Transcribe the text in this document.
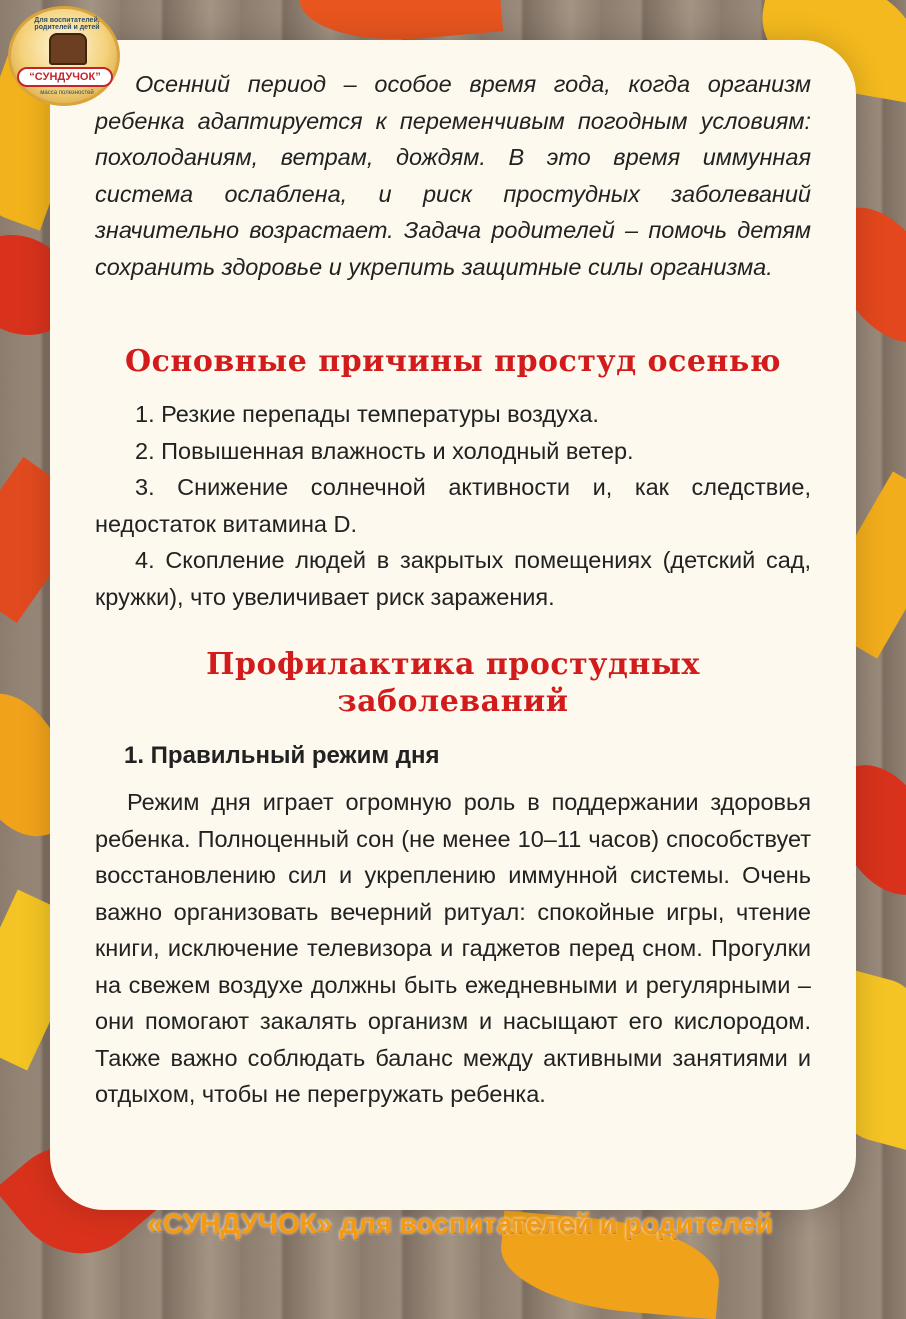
Для воспитателей, родителей и детей
“СУНДУЧОК”
масса полезностей	Осенний период – особое время года, когда организм ребенка адаптируется к переменчивым погодным условиям: похолоданиям, ветрам, дождям. В это время иммунная система ослаблена, и риск простудных заболеваний значительно возрастает. Задача родителей – помочь детям сохранить здоровье и укрепить защитные силы организма.

Основные причины простуд осенью
1. Резкие перепады температуры воздуха.
2. Повышенная влажность и холодный ветер.
3. Снижение солнечной активности и, как следствие, недостаток витамина D.
4. Скопление людей в закрытых помещениях (детский сад, кружки), что увеличивает риск заражения.
Профилактика простудных заболеваний
1. Правильный режим дня

Режим дня играет огромную роль в поддержании здоровья ребенка. Полноценный сон (не менее 10–11 часов) способствует восстановлению сил и укреплению иммунной системы. Очень важно организовать вечерний ритуал: спокойные игры, чтение книги, исключение телевизора и гаджетов перед сном. Прогулки на свежем воздухе должны быть ежедневными и регулярными – они помогают закалять организм и насыщают его кислородом. Также важно соблюдать баланс между активными занятиями и отдыхом, чтобы не перегружать ребенка.

«СУНДУЧОК» для воспитателей и родителей
